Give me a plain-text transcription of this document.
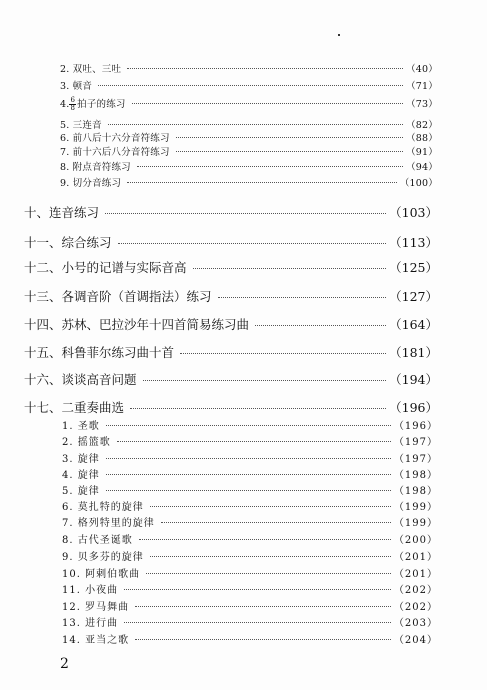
2. 双吐、三吐	（40）
3. 顿音	（71）
4. $\frac{6}{8}$ 拍子的练习	（73）
5. 三连音	（82）
6. 前八后十六分音符练习	（88）
7. 前十六后八分音符练习	（91）
8. 附点音符练习	（94）
9. 切分音练习	（100）
十、连音练习	（103）
十一、综合练习	（113）
十二、小号的记谱与实际音高	（125）
十三、各调音阶（首调指法）练习	（127）
十四、苏林、巴拉沙年十四首简易练习曲	（164）
十五、科鲁菲尔练习曲十首	（181）
十六、谈谈高音问题	（194）
十七、二重奏曲选	（196）
1. 圣歌	（196）
2. 摇篮歌	（197）
3. 旋律	（197）
4. 旋律	（198）
5. 旋律	（198）
6. 莫扎特的旋律	（199）
7. 格列特里的旋律	（199）
8. 古代圣诞歌	（200）
9. 贝多芬的旋律	（201）
10. 阿剌伯歌曲	（201）
11. 小夜曲	（202）
12. 罗马舞曲	（202）
13. 进行曲	（203）
14. 亚当之歌	（204）
2
